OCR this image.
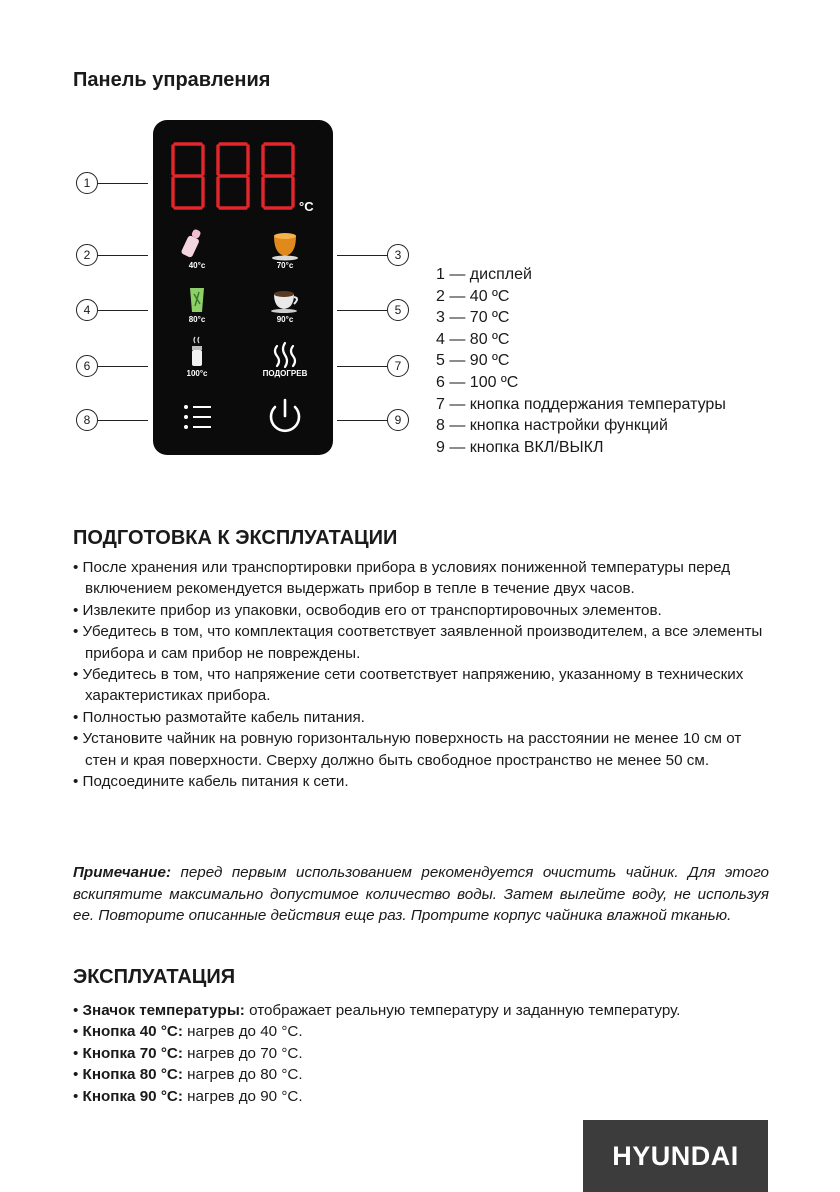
Панель управления
°C
40°c	70°c
80°c	90°c
100°c	ПОДОГРЕВ
1
2
4
6
8
3
5
7
9
1 — дисплей
2 — 40 ºC
3 — 70 ºC
4 — 80 ºC
5 — 90 ºC
6 — 100 ºC
7 — кнопка поддержания температуры
8 — кнопка настройки функций
9 — кнопка ВКЛ/ВЫКЛ
ПОДГОТОВКА К ЭКСПЛУАТАЦИИ
• После хранения или транспортировки прибора в условиях пониженной температуры перед включением рекомендуется выдержать прибор в тепле в течение двух часов.
• Извлеките прибор из упаковки, освободив его от транспортировочных элементов.
• Убедитесь в том, что комплектация соответствует заявленной производителем, а все элементы прибора и сам прибор не повреждены.
• Убедитесь в том, что напряжение сети соответствует напряжению, указанному в технических характеристиках прибора.
• Полностью размотайте кабель питания.
• Установите чайник на ровную горизонтальную поверхность на расстоянии не менее 10 см от стен и края поверхности. Сверху должно быть свободное пространство не менее 50 см.
• Подсоедините кабель питания к сети.

Примечание: перед первым использованием рекомендуется очистить чайник. Для этого вскипятите максимально допустимое количество воды. Затем вылейте воду, не используя ее. Повторите описанные действия еще раз. Протрите корпус чайника влажной тканью.

ЭКСПЛУАТАЦИЯ
• Значок температуры: отображает реальную температуру и заданную температуру.
• Кнопка 40 °С: нагрев до 40 °С.
• Кнопка 70 °С: нагрев до 70 °С.
• Кнопка 80 °С: нагрев до 80 °С.
• Кнопка 90 °С: нагрев до 90 °С.
HYUNDAI
